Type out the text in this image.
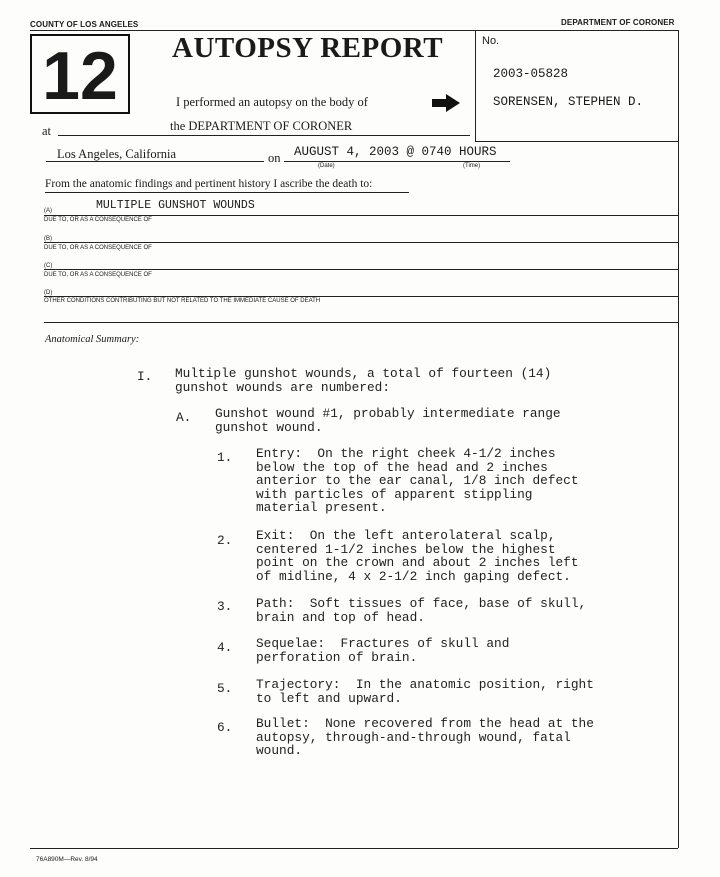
COUNTY OF LOS ANGELES	DEPARTMENT OF CORONER
12	AUTOPSY REPORT	No.
2003-05828
SORENSEN, STEPHEN D.
I performed an autopsy on the body of
the DEPARTMENT OF CORONER
at
Los Angeles, California	on AUGUST 4, 2003 @ 0740 HOURS
(Date)	(Time)
From the anatomic findings and pertinent history I ascribe the death to:
(A)	MULTIPLE GUNSHOT WOUNDS
DUE TO, OR AS A CONSEQUENCE OF
(B)
DUE TO, OR AS A CONSEQUENCE OF
(C)
DUE TO, OR AS A CONSEQUENCE OF
(D)
OTHER CONDITIONS CONTRIBUTING BUT NOT RELATED TO THE IMMEDIATE CAUSE OF DEATH
Anatomical Summary:
I. Multiple gunshot wounds, a total of fourteen (14)
gunshot wounds are numbered:
A. Gunshot wound #1, probably intermediate range
gunshot wound.
1. Entry:  On the right cheek 4-1/2 inches
below the top of the head and 2 inches
anterior to the ear canal, 1/8 inch defect
with particles of apparent stippling
material present.
2. Exit:  On the left anterolateral scalp,
centered 1-1/2 inches below the highest
point on the crown and about 2 inches left
of midline, 4 x 2-1/2 inch gaping defect.
3. Path:  Soft tissues of face, base of skull,
brain and top of head.
4. Sequelae:  Fractures of skull and
perforation of brain.
5. Trajectory:  In the anatomic position, right
to left and upward.
6. Bullet:  None recovered from the head at the
autopsy, through-and-through wound, fatal
wound.
76A890M—Rev. 8/94
